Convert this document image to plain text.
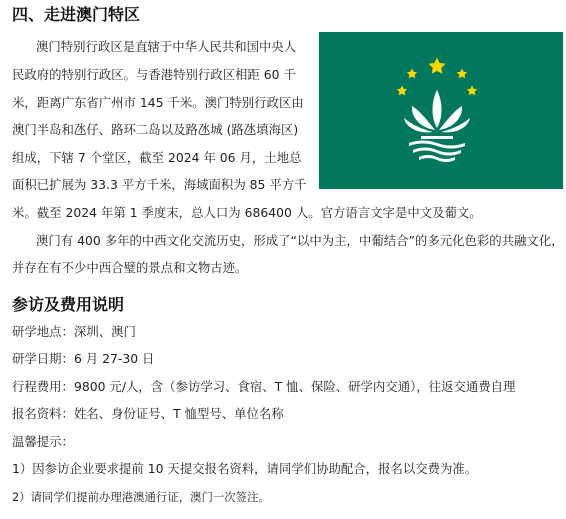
四、走进澳门特区
澳门特别行政区是直辖于中华人民共和国中央人
民政府的特别行政区。与香港特别行政区相距 60 千
米，距离广东省广州市 145 千米。澳门特别行政区由
澳门半岛和氹仔、路环二岛以及路氹城 (路氹填海区)
组成，下辖 7 个堂区，截至 2024 年 06 月，土地总
面积已扩展为 33.3 平方千米，海域面积为 85 平方千
米。截至 2024 年第 1 季度末，总人口为 686400 人。官方语言文字是中文及葡文。
澳门有 400 多年的中西文化交流历史，形成了“以中为主，中葡结合”的多元化色彩的共融文化，
并存在有不少中西合璧的景点和文物古迹。
参访及费用说明
研学地点：深圳、澳门
研学日期：6 月 27-30 日
行程费用：9800 元/人，含（参访学习、食宿、T 恤、保险、研学内交通），往返交通费自理
报名资料：姓名、身份证号、T 恤型号、单位名称
温馨提示：
1）因参访企业要求提前 10 天提交报名资料，请同学们协助配合，报名以交费为准。
2）请同学们提前办理港澳通行证，澳门一次签注。
